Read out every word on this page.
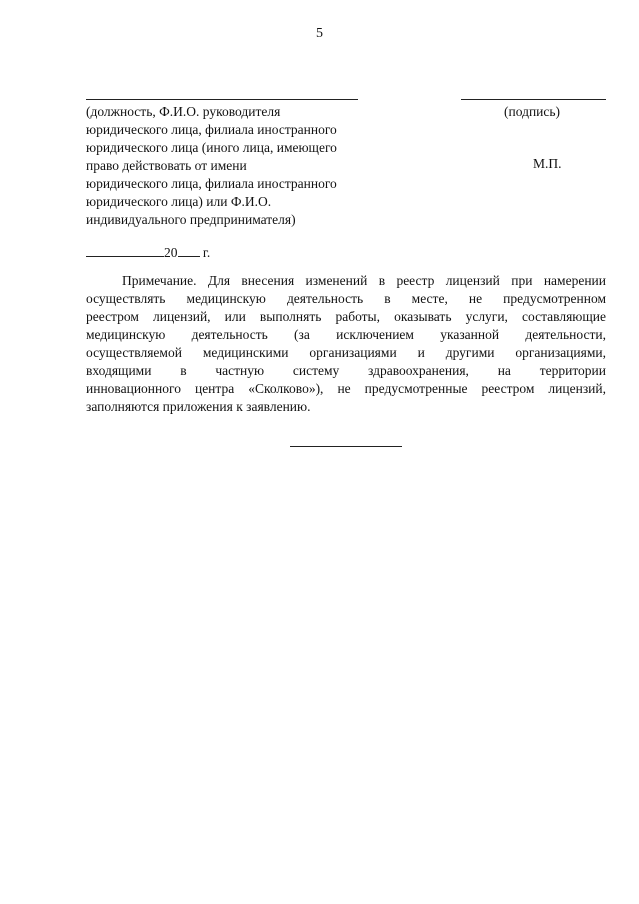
5
(должность, Ф.И.О. руководителя
юридического лица, филиала иностранного
юридического лица (иного лица, имеющего
право действовать от имени
юридического лица, филиала иностранного
юридического лица) или Ф.И.О.
индивидуального предпринимателя)
(подпись)
М.П.
20 г.
Примечание. Для внесения изменений в реестр лицензий при намерении
осуществлять медицинскую деятельность в месте, не предусмотренном
реестром лицензий, или выполнять работы, оказывать услуги, составляющие
медицинскую деятельность (за исключением указанной деятельности,
осуществляемой медицинскими организациями и другими организациями,
входящими в частную систему здравоохранения, на территории
инновационного центра «Сколково»), не предусмотренные реестром лицензий,
заполняются приложения к заявлению.
